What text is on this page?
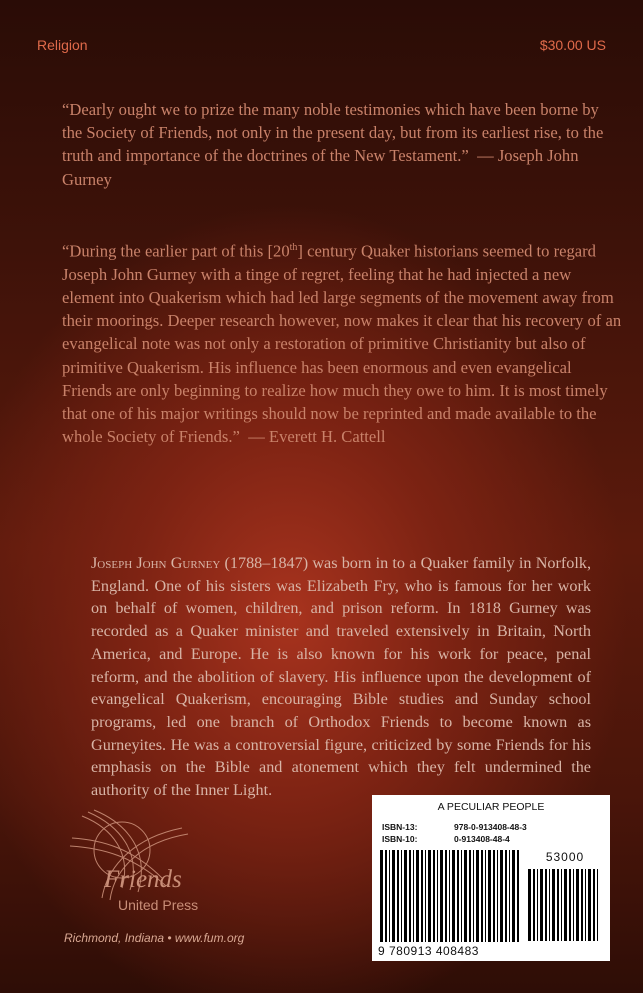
Religion	$30.00 US

“Dearly ought we to prize the many noble testimonies which have been borne by the Society of Friends, not only in the present day, but from its earliest rise, to the truth and importance of the doctrines of the New Testament.” — Joseph John Gurney

“During the earlier part of this [20th] century Quaker historians seemed to regard Joseph John Gurney with a tinge of regret, feeling that he had injected a new element into Quakerism which had led large segments of the movement away from their moorings. Deeper research however, now makes it clear that his recovery of an evangelical note was not only a restoration of primitive Christianity but also of primitive Quakerism. His influence has been enormous and even evangelical Friends are only beginning to realize how much they owe to him. It is most timely that one of his major writings should now be reprinted and made available to the whole Society of Friends.” — Everett H. Cattell

Joseph John Gurney (1788–1847) was born in to a Quaker family in Norfolk, England. One of his sisters was Elizabeth Fry, who is famous for her work on behalf of women, children, and prison reform. In 1818 Gurney was recorded as a Quaker minister and traveled extensively in Britain, North America, and Europe. He is also known for his work for peace, penal reform, and the abolition of slavery. His influence upon the development of evangelical Quakerism, encouraging Bible studies and Sunday school programs, led one branch of Orthodox Friends to become known as Gurneyites. He was a controversial figure, criticized by some Friends for his emphasis on the Bible and atonement which they felt undermined the authority of the Inner Light.

Friends
United Press
Richmond, Indiana • www.fum.org
A PECULIAR PEOPLE
ISBN-13:	978-0-913408-48-3
ISBN-10:	0-913408-48-4
53000
9 780913 408483
